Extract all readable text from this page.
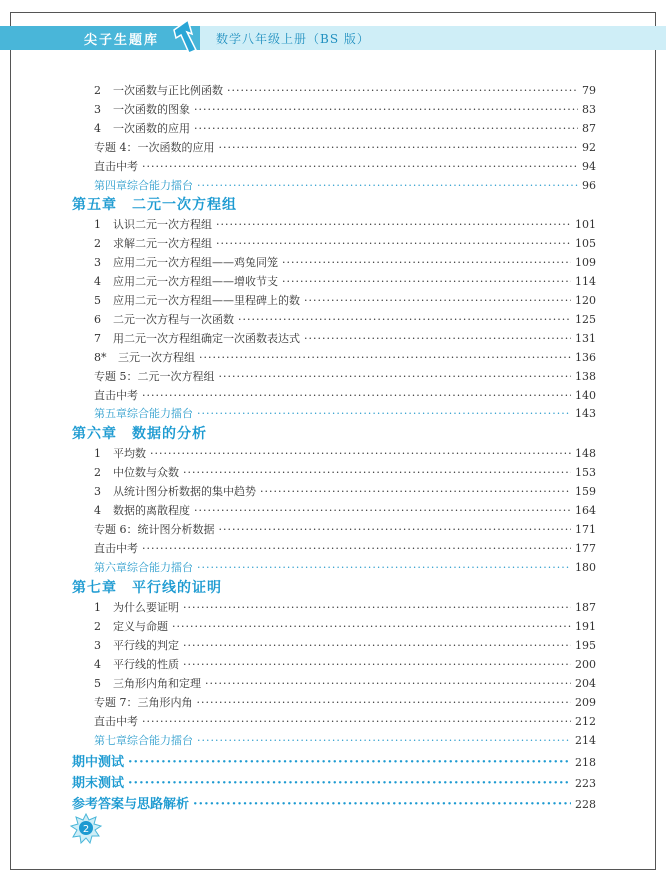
尖子生题库	数学八年级上册（BS 版）
2	一次函数与正比例函数 ·····	79
3	一次函数的图象 ·····	83
4	一次函数的应用 ·····	87
专题 4：一次函数的应用 ·····	92
直击中考 ·····	94
第四章综合能力擂台 ·····	96
第五章　二元一次方程组
1	认识二元一次方程组 ·····	101
2	求解二元一次方程组 ·····	105
3	应用二元一次方程组——鸡兔同笼 ·····	109
4	应用二元一次方程组——增收节支 ·····	114
5	应用二元一次方程组——里程碑上的数 ·····	120
6	二元一次方程与一次函数 ·····	125
7	用二元一次方程组确定一次函数表达式 ·····	131
8*	三元一次方程组 ·····	136
专题 5：二元一次方程组 ·····	138
直击中考 ·····	140
第五章综合能力擂台 ·····	143
第六章　数据的分析
1	平均数 ·····	148
2	中位数与众数 ·····	153
3	从统计图分析数据的集中趋势 ·····	159
4	数据的离散程度 ·····	164
专题 6：统计图分析数据 ·····	171
直击中考 ·····	177
第六章综合能力擂台 ·····	180
第七章　平行线的证明
1	为什么要证明 ·····	187
2	定义与命题 ·····	191
3	平行线的判定 ·····	195
4	平行线的性质 ·····	200
5	三角形内角和定理 ·····	204
专题 7：三角形内角 ·····	209
直击中考 ·····	212
第七章综合能力擂台 ·····	214
期中测试 ·····	218
期末测试 ·····	223
参考答案与思路解析 ·····	228
2
